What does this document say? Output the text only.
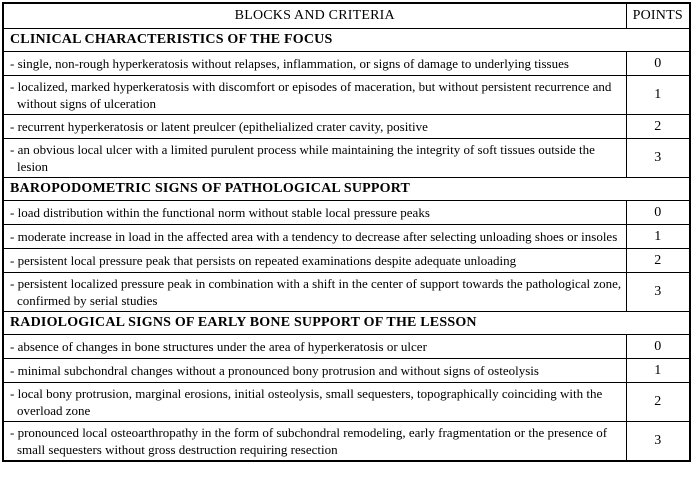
BLOCKS AND CRITERIA	POINTS
CLINICAL CHARACTERISTICS OF THE FOCUS	
- single, non-rough hyperkeratosis without relapses, inflammation, or signs of damage to underlying tissues	0
- localized, marked hyperkeratosis with discomfort or episodes of maceration, but without persistent recurrence and without signs of ulceration	1
- recurrent hyperkeratosis or latent preulcer (epithelialized crater cavity, positive	2
- an obvious local ulcer with a limited purulent process while maintaining the integrity of soft tissues outside the lesion	3
BAROPODOMETRIC SIGNS OF PATHOLOGICAL SUPPORT	
- load distribution within the functional norm without stable local pressure peaks	0
- moderate increase in load in the affected area with a tendency to decrease after selecting unloading shoes or insoles	1
- persistent local pressure peak that persists on repeated examinations despite adequate unloading	2
- persistent localized pressure peak in combination with a shift in the center of support towards the pathological zone, confirmed by serial studies	3
RADIOLOGICAL SIGNS OF EARLY BONE SUPPORT OF THE LESSON	
- absence of changes in bone structures under the area of hyperkeratosis or ulcer	0
- minimal subchondral changes without a pronounced bony protrusion and without signs of osteolysis	1
- local bony protrusion, marginal erosions, initial osteolysis, small sequesters, topographically coinciding with the overload zone	2
- pronounced local osteoarthropathy in the form of subchondral remodeling, early fragmentation or the presence of small sequesters without gross destruction requiring resection	3
